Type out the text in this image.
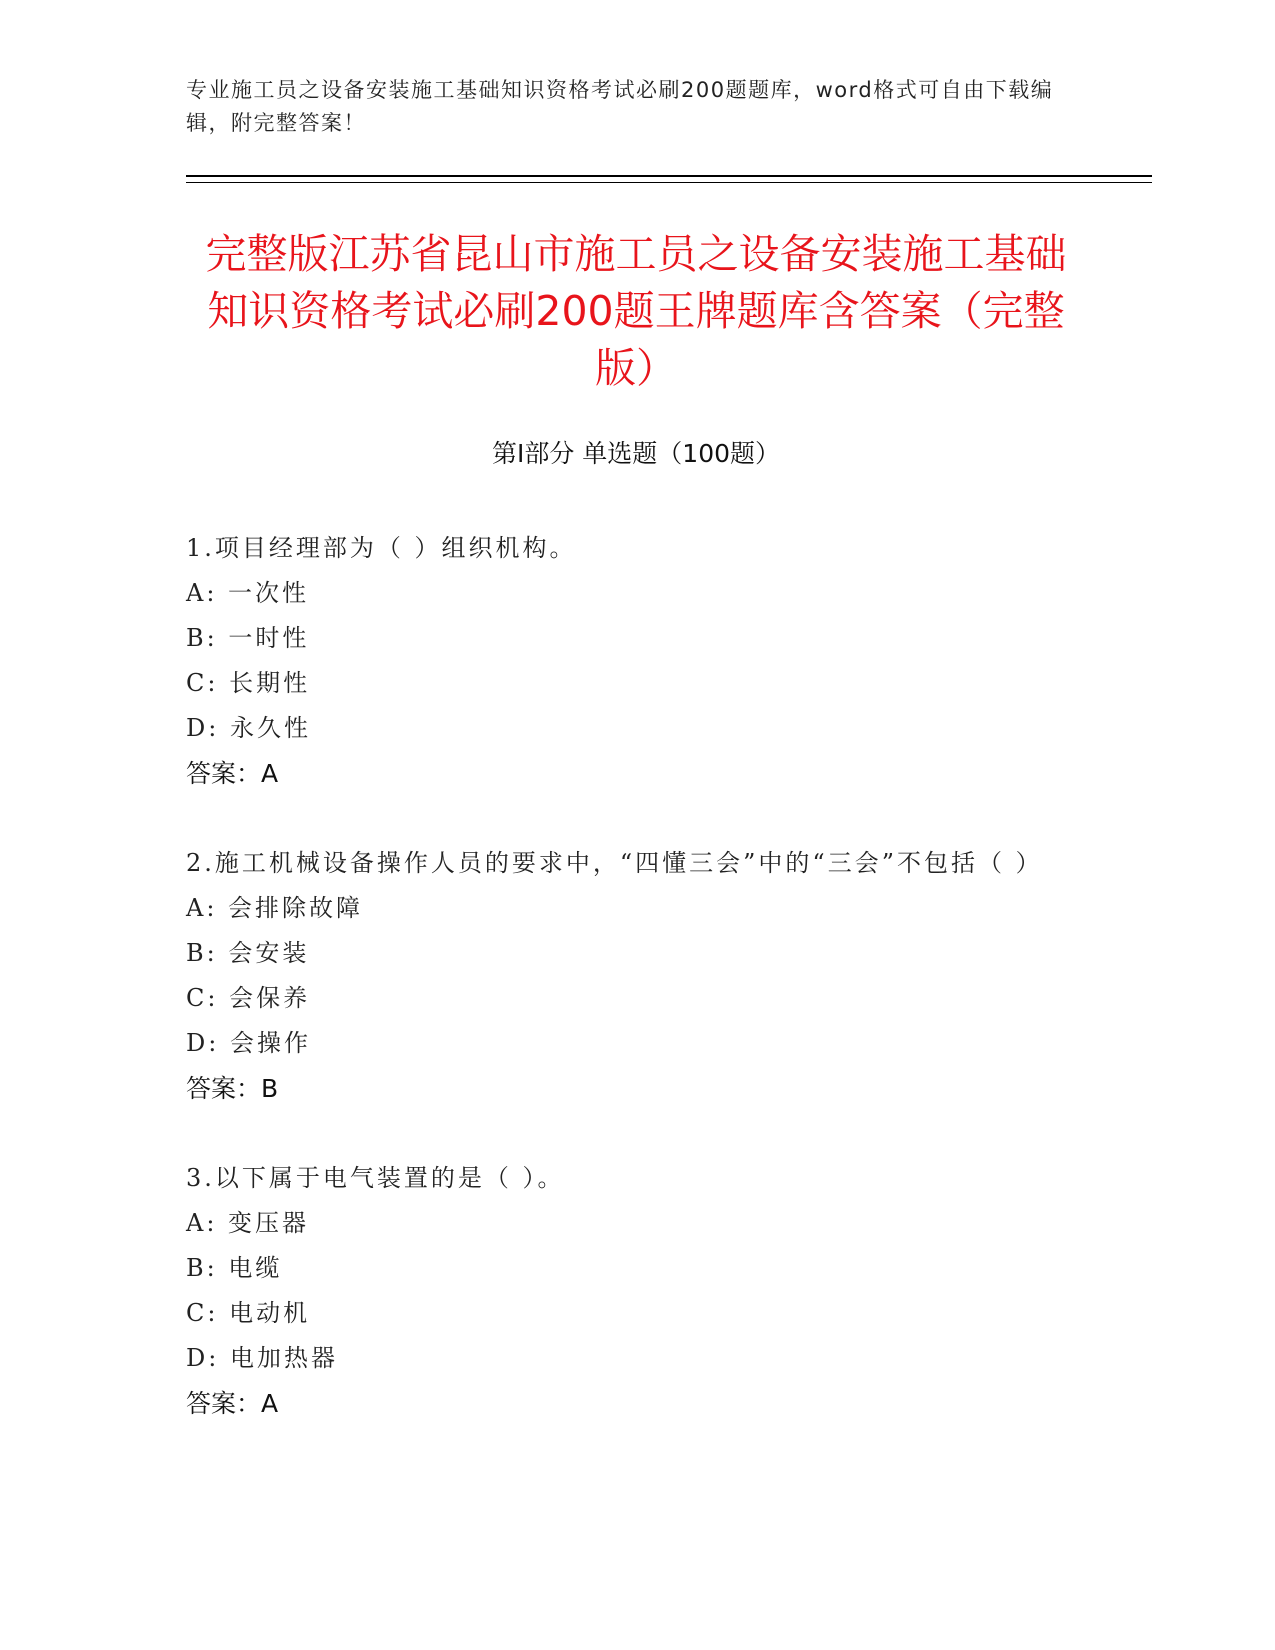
专业施工员之设备安装施工基础知识资格考试必刷200题题库，word格式可自由下载编辑，附完整答案！
完整版江苏省昆山市施工员之设备安装施工基础知识资格考试必刷200题王牌题库含答案（完整版）
第I部分 单选题（100题）
1.项目经理部为（ ）组织机构。
A: 一次性
B: 一时性
C: 长期性
D: 永久性
答案：A
2.施工机械设备操作人员的要求中，“四懂三会”中的“三会”不包括（ ）
A: 会排除故障
B: 会安装
C: 会保养
D: 会操作
答案：B
3.以下属于电气装置的是（ ）。
A: 变压器
B: 电缆
C: 电动机
D: 电加热器
答案：A
